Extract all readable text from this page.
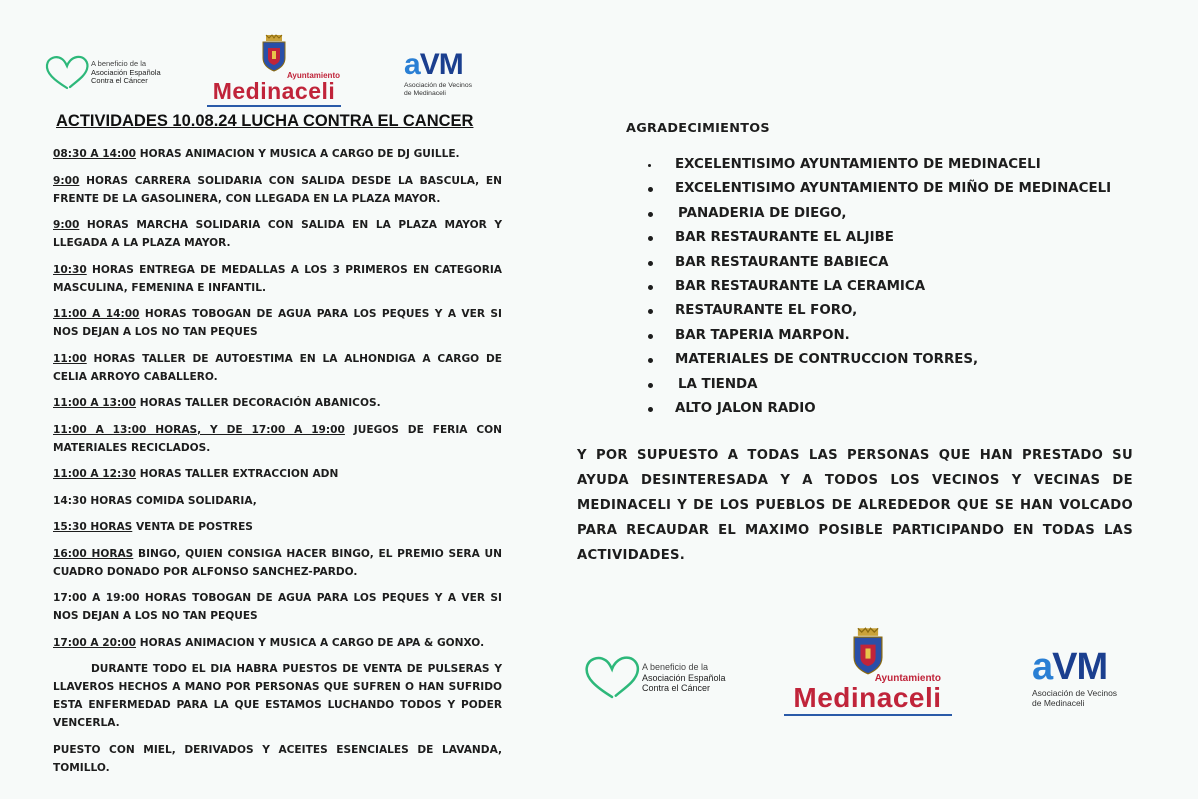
A beneficio de la
Asociación Española
Contra el Cáncer
Ayuntamiento
Medinaceli
aVM
Asociación de Vecinos
de Medinaceli
ACTIVIDADES 10.08.24 LUCHA CONTRA EL CANCER

08:30 A 14:00 HORAS ANIMACION Y MUSICA A CARGO DE DJ GUILLE.

9:00 HORAS CARRERA SOLIDARIA CON SALIDA DESDE LA BASCULA, EN FRENTE DE LA GASOLINERA, CON LLEGADA EN LA PLAZA MAYOR.

9:00 HORAS MARCHA SOLIDARIA CON SALIDA EN LA PLAZA MAYOR Y LLEGADA A LA PLAZA MAYOR.

10:30 HORAS ENTREGA DE MEDALLAS A LOS 3 PRIMEROS EN CATEGORIA MASCULINA, FEMENINA E INFANTIL.

11:00 A 14:00 HORAS TOBOGAN DE AGUA PARA LOS PEQUES Y A VER SI NOS DEJAN A LOS NO TAN PEQUES

11:00 HORAS TALLER DE AUTOESTIMA EN LA ALHONDIGA A CARGO DE CELIA ARROYO CABALLERO.

11:00 A 13:00 HORAS TALLER DECORACIÓN ABANICOS.

11:00 A 13:00 HORAS, Y DE 17:00 A 19:00 JUEGOS DE FERIA CON MATERIALES RECICLADOS.

11:00 A 12:30 HORAS TALLER EXTRACCION ADN

14:30 HORAS COMIDA SOLIDARIA,

15:30 HORAS VENTA DE POSTRES

16:00 HORAS BINGO, QUIEN CONSIGA HACER BINGO, EL PREMIO SERA UN CUADRO DONADO POR ALFONSO SANCHEZ-PARDO.

17:00 A 19:00 HORAS TOBOGAN DE AGUA PARA LOS PEQUES Y A VER SI NOS DEJAN A LOS NO TAN PEQUES

17:00 A 20:00 HORAS ANIMACION Y MUSICA A CARGO DE APA & GONXO.

DURANTE TODO EL DIA HABRA PUESTOS DE VENTA DE PULSERAS Y LLAVEROS HECHOS A MANO POR PERSONAS QUE SUFREN O HAN SUFRIDO ESTA ENFERMEDAD PARA LA QUE ESTAMOS LUCHANDO TODOS Y PODER VENCERLA.

PUESTO CON MIEL, DERIVADOS Y ACEITES ESENCIALES DE LAVANDA, TOMILLO.

AGRADECIMIENTOS
EXCELENTISIMO AYUNTAMIENTO DE MEDINACELI
EXCELENTISIMO AYUNTAMIENTO DE MIÑO DE MEDINACELI
PANADERIA DE DIEGO,
BAR RESTAURANTE EL ALJIBE
BAR RESTAURANTE BABIECA
BAR RESTAURANTE LA CERAMICA
RESTAURANTE EL FORO,
BAR TAPERIA MARPON.
MATERIALES DE CONTRUCCION TORRES,
LA TIENDA
ALTO JALON RADIO

Y POR SUPUESTO A TODAS LAS PERSONAS QUE HAN PRESTADO SU AYUDA DESINTERESADA Y A TODOS LOS VECINOS Y VECINAS DE MEDINACELI Y DE LOS PUEBLOS DE ALREDEDOR QUE SE HAN VOLCADO PARA RECAUDAR EL MAXIMO POSIBLE PARTICIPANDO EN TODAS LAS ACTIVIDADES.

A beneficio de la
Asociación Española
Contra el Cáncer
Ayuntamiento
Medinaceli
aVM
Asociación de Vecinos
de Medinaceli
